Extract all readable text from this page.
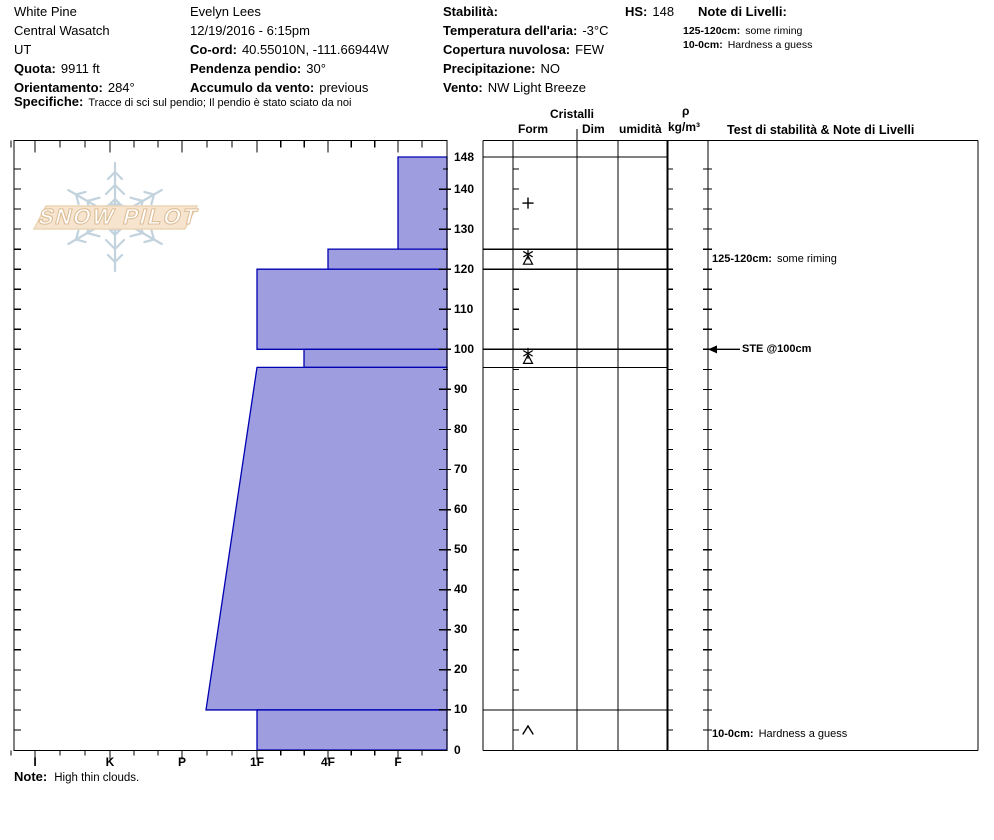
White Pine
Central Wasatch
UT
Quota: 9911 ft
Orientamento: 284°
Evelyn Lees
12/19/2016 - 6:15pm
Co-ord: 40.55010N, -111.66944W
Pendenza pendio: 30°
Accumulo da vento: previous
Stabilità:	HS: 148
Temperatura dell'aria: -3°C
Copertura nuvolosa: FEW
Precipitazione: NO
Vento: NW Light Breeze
Note di Livelli:
125-120cm: some riming
10-0cm: Hardness a guess
Specifiche: Tracce di sci sul pendio; Il pendio è stato sciato da noi
SNOW PILOT
Cristalli
Form	Dim umidità
ρ
kg/m³ Test di stabilità & Note di Livelli
125-120cm: some riming
STE @100cm
10-0cm: Hardness a guess
0
10
20
30
40
50
60
70
80
90
100
110
120
130
140
148
I	K	P	1F	4F	F
Note: High thin clouds.
